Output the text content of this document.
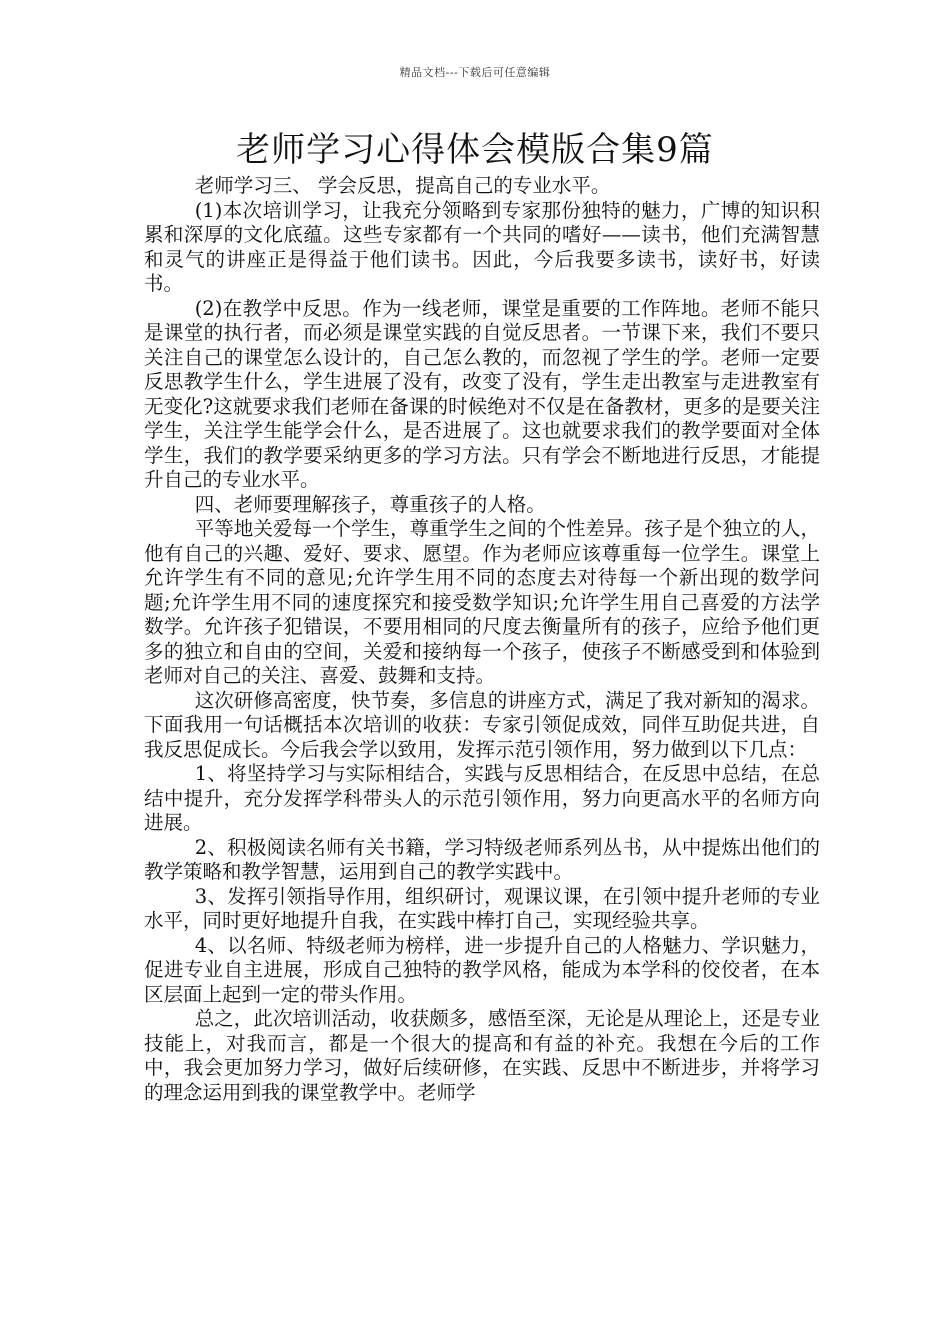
精品文档---下载后可任意编辑
老师学习心得体会模版合集9篇

老师学习三、 学会反思，提高自己的专业水平。

(1)本次培训学习，让我充分领略到专家那份独特的魅力，广博的知识积累和深厚的文化底蕴。这些专家都有一个共同的嗜好——读书，他们充满智慧和灵气的讲座正是得益于他们读书。因此，今后我要多读书，读好书，好读书。

(2)在教学中反思。作为一线老师，课堂是重要的工作阵地。老师不能只是课堂的执行者，而必须是课堂实践的自觉反思者。一节课下来，我们不要只关注自己的课堂怎么设计的，自己怎么教的，而忽视了学生的学。老师一定要反思教学生什么，学生进展了没有，改变了没有，学生走出教室与走进教室有无变化?这就要求我们老师在备课的时候绝对不仅是在备教材，更多的是要关注学生，关注学生能学会什么，是否进展了。这也就要求我们的教学要面对全体学生，我们的教学要采纳更多的学习方法。只有学会不断地进行反思，才能提升自己的专业水平。

四、老师要理解孩子，尊重孩子的人格。

平等地关爱每一个学生，尊重学生之间的个性差异。孩子是个独立的人，他有自己的兴趣、爱好、要求、愿望。作为老师应该尊重每一位学生。课堂上允许学生有不同的意见;允许学生用不同的态度去对待每一个新出现的数学问题;允许学生用不同的速度探究和接受数学知识;允许学生用自己喜爱的方法学数学。允许孩子犯错误，不要用相同的尺度去衡量所有的孩子，应给予他们更多的独立和自由的空间，关爱和接纳每一个孩子，使孩子不断感受到和体验到老师对自己的关注、喜爱、鼓舞和支持。

这次研修高密度，快节奏，多信息的讲座方式，满足了我对新知的渴求。下面我用一句话概括本次培训的收获：专家引领促成效，同伴互助促共进，自我反思促成长。今后我会学以致用，发挥示范引领作用，努力做到以下几点：

1、将坚持学习与实际相结合，实践与反思相结合，在反思中总结，在总结中提升，充分发挥学科带头人的示范引领作用，努力向更高水平的名师方向进展。

2、积极阅读名师有关书籍，学习特级老师系列丛书，从中提炼出他们的教学策略和教学智慧，运用到自己的教学实践中。

3、发挥引领指导作用，组织研讨，观课议课，在引领中提升老师的专业水平，同时更好地提升自我，在实践中棒打自己，实现经验共享。

4、以名师、特级老师为榜样，进一步提升自己的人格魅力、学识魅力，促进专业自主进展，形成自己独特的教学风格，能成为本学科的佼佼者，在本区层面上起到一定的带头作用。

总之，此次培训活动，收获颇多，感悟至深，无论是从理论上，还是专业技能上，对我而言，都是一个很大的提高和有益的补充。我想在今后的工作中，我会更加努力学习，做好后续研修，在实践、反思中不断进步，并将学习的理念运用到我的课堂教学中。老师学
